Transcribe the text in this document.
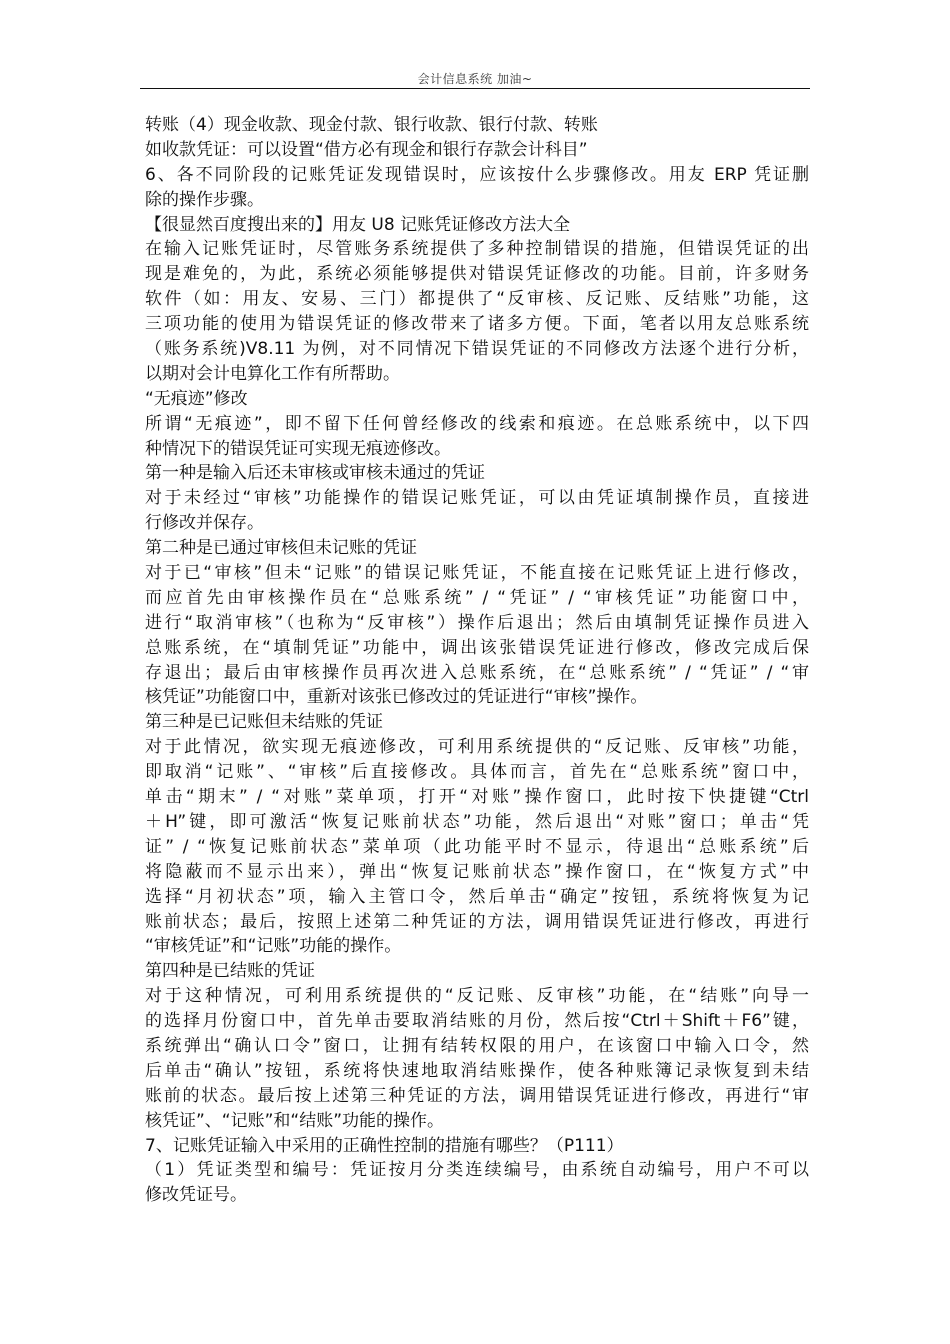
会计信息系统 加油~
转账（4）现金收款、现金付款、银行收款、银行付款、转账
如收款凭证：可以设置“借方必有现金和银行存款会计科目”
6、各不同阶段的记账凭证发现错误时，应该按什么步骤修改。用友 ERP 凭证删
除的操作步骤。
【很显然百度搜出来的】用友 U8 记账凭证修改方法大全
在输入记账凭证时，尽管账务系统提供了多种控制错误的措施，但错误凭证的出
现是难免的，为此，系统必须能够提供对错误凭证修改的功能。目前，许多财务
软件（如：用友、安易、三门）都提供了“反审核、反记账、反结账”功能，这
三项功能的使用为错误凭证的修改带来了诸多方便。下面，笔者以用友总账系统
（账务系统)V8.11 为例，对不同情况下错误凭证的不同修改方法逐个进行分析，
以期对会计电算化工作有所帮助。
“无痕迹”修改
所谓“无痕迹”，即不留下任何曾经修改的线索和痕迹。在总账系统中，以下四
种情况下的错误凭证可实现无痕迹修改。
第一种是输入后还未审核或审核未通过的凭证
对于未经过“审核”功能操作的错误记账凭证，可以由凭证填制操作员，直接进
行修改并保存。
第二种是已通过审核但未记账的凭证
对于已“审核”但未“记账”的错误记账凭证，不能直接在记账凭证上进行修改，
而应首先由审核操作员在“总账系统” / “凭证” / “审核凭证”功能窗口中，
进行“取消审核”（也称为“反审核”）操作后退出；然后由填制凭证操作员进入
总账系统，在“填制凭证”功能中，调出该张错误凭证进行修改，修改完成后保
存退出；最后由审核操作员再次进入总账系统，在“总账系统” / “凭证” / “审
核凭证”功能窗口中，重新对该张已修改过的凭证进行“审核”操作。
第三种是已记账但未结账的凭证
对于此情况，欲实现无痕迹修改，可利用系统提供的“反记账、反审核”功能，
即取消“记账”、“审核”后直接修改。具体而言，首先在“总账系统”窗口中，
单击“期末” / “对账”菜单项，打开“对账”操作窗口，此时按下快捷键“Ctrl
＋H”键，即可激活“恢复记账前状态”功能，然后退出“对账”窗口；单击“凭
证” / “恢复记账前状态”菜单项（此功能平时不显示，待退出“总账系统”后
将隐蔽而不显示出来），弹出“恢复记账前状态”操作窗口，在“恢复方式”中
选择“月初状态”项，输入主管口令，然后单击“确定”按钮，系统将恢复为记
账前状态；最后，按照上述第二种凭证的方法，调用错误凭证进行修改，再进行
“审核凭证”和“记账”功能的操作。
第四种是已结账的凭证
对于这种情况，可利用系统提供的“反记账、反审核”功能，在“结账”向导一
的选择月份窗口中，首先单击要取消结账的月份，然后按“Ctrl＋Shift＋F6”键，
系统弹出“确认口令”窗口，让拥有结转权限的用户，在该窗口中输入口令，然
后单击“确认”按钮，系统将快速地取消结账操作，使各种账簿记录恢复到未结
账前的状态。最后按上述第三种凭证的方法，调用错误凭证进行修改，再进行“审
核凭证”、“记账”和“结账”功能的操作。
7、记账凭证输入中采用的正确性控制的措施有哪些？（P111）
（1）凭证类型和编号：凭证按月分类连续编号，由系统自动编号，用户不可以
修改凭证号。
